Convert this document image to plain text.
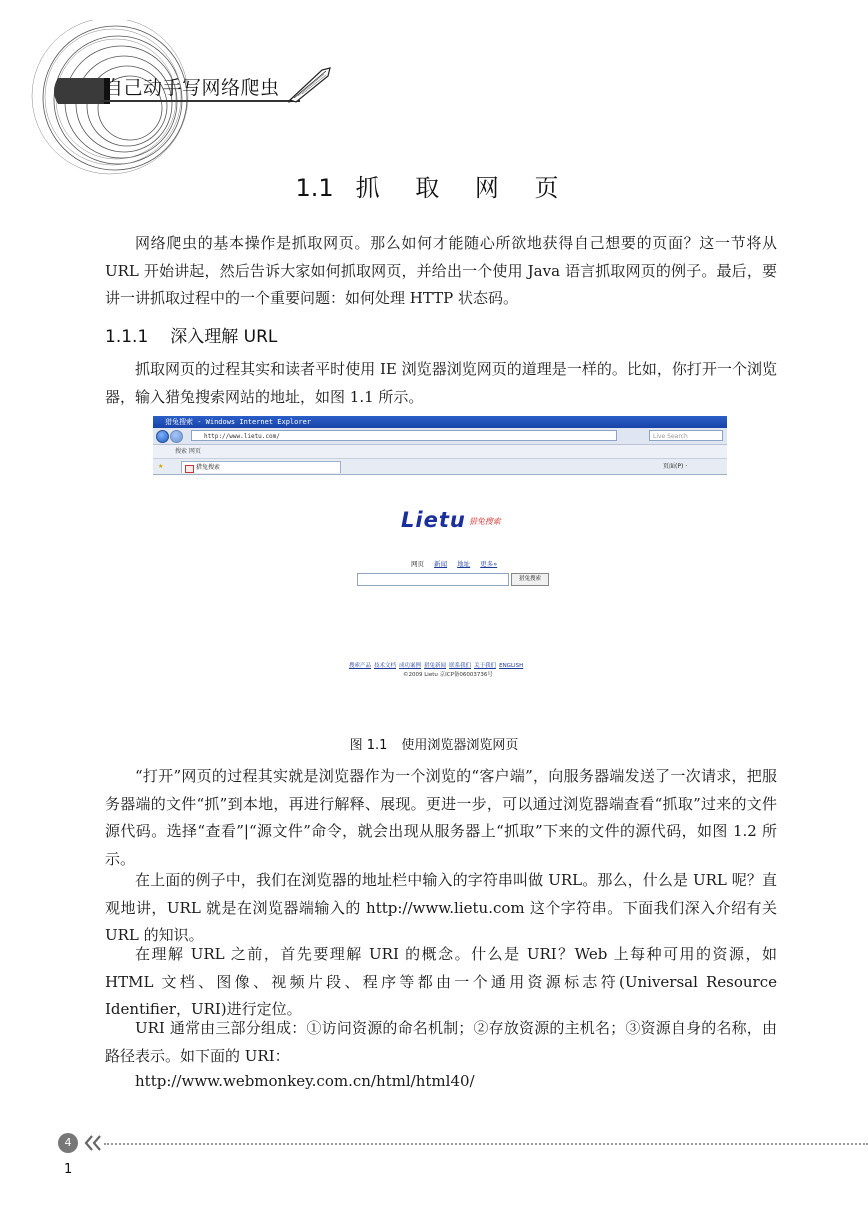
自己动手写网络爬虫
1.1 抓 取 网 页
网络爬虫的基本操作是抓取网页。那么如何才能随心所欲地获得自己想要的页面？这一节将从 URL 开始讲起，然后告诉大家如何抓取网页，并给出一个使用 Java 语言抓取网页的例子。最后，要讲一讲抓取过程中的一个重要问题：如何处理 HTTP 状态码。
1.1.1 深入理解 URL
抓取网页的过程其实和读者平时使用 IE 浏览器浏览网页的道理是一样的。比如，你打开一个浏览器，输入猎兔搜索网站的地址，如图 1.1 所示。
猎兔搜索 - Windows Internet Explorer
http://www.lietu.com/	Live Search
搜索 网页
★	猎兔搜索	页面(P) ·
Lietu 猎兔搜索
网页 新闻 地址 更多»
猎兔搜索
搜索产品 技术文档 成功案例 猎兔新闻 联系我们 关于我们 ENGLISH
©2009 Lietu 京ICP备06003736号
图 1.1 使用浏览器浏览网页
“打开”网页的过程其实就是浏览器作为一个浏览的“客户端”，向服务器端发送了一次请求，把服务器端的文件“抓”到本地，再进行解释、展现。更进一步，可以通过浏览器端查看“抓取”过来的文件源代码。选择“查看”|“源文件”命令，就会出现从服务器上“抓取”下来的文件的源代码，如图 1.2 所示。
在上面的例子中，我们在浏览器的地址栏中输入的字符串叫做 URL。那么，什么是 URL 呢？直观地讲，URL 就是在浏览器端输入的 http://www.lietu.com 这个字符串。下面我们深入介绍有关 URL 的知识。
在理解 URL 之前，首先要理解 URI 的概念。什么是 URI？Web 上每种可用的资源，如 HTML 文档、图像、视频片段、程序等都由一个通用资源标志符(Universal Resource Identifier，URI)进行定位。
URI 通常由三部分组成：①访问资源的命名机制；②存放资源的主机名；③资源自身的名称，由路径表示。如下面的 URI：
http://www.webmonkey.com.cn/html/html40/
4
1
